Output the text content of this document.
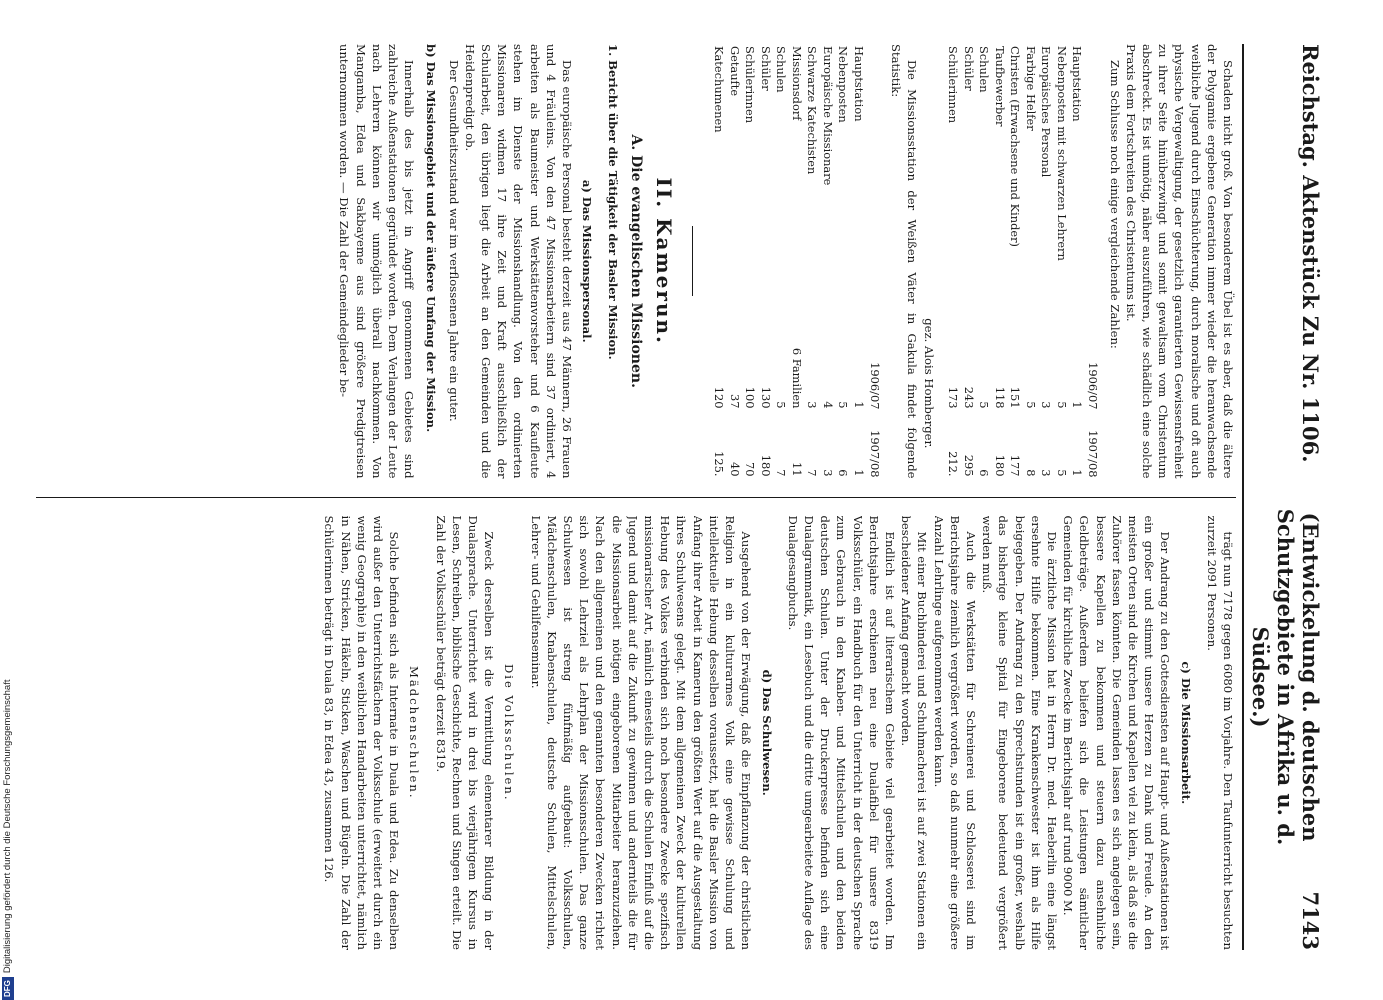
Reichstag. Aktenstück Zu Nr. 1106.
(Entwickelung d. deutschen Schutzgebiete in Afrika u. d. Südsee.)
7143

Schaden nicht groß. Von besonderem Übel ist es aber, daß die ältere der Polygamie ergebene Generation immer wieder die heranwachsende weibliche Jugend durch Einschüchterung, durch moralische und oft auch physische Vergewaltigung, der gesetzlich garantierten Gewissensfreiheit zu ihrer Seite hinüberzwingt und somit gewaltsam vom Christentum abschreckt. Es ist unnötig, näher auszuführen, wie schädlich eine solche Praxis dem Fortschreiten des Christentums ist.

Zum Schlusse noch einige vergleichende Zahlen:

	1906/07	1907/08
Hauptstation	1	1
Nebenposten mit schwarzen Lehrern	5	5
Europäisches Personal	3	3
Farbige Helfer	5	8
Christen (Erwachsene und Kinder)	151	177
Taufbewerber	118	180
Schulen	5	6
Schüler	243	295
Schülerinnen	173	212.

gez. Alois Homberger.

Die Missionsstation der Weißen Väter in Gakula findet folgende Statistik:

	1906/07	1907/08
Hauptstation	1	1
Nebenposten	5	6
Europäische Missionare	4	3
Schwarze Katechisten	3	7
Missionsdorf	6 Familien	11
Schulen	5	7
Schüler	130	180
Schülerinnen	100	70
Getaufte	37	40
Katechumenen	120	125.
II. Kamerun.
A. Die evangelischen Missionen.

1. Bericht über die Tätigkeit der Basler Mission.

a) Das Missionspersonal.

Das europäische Personal besteht derzeit aus 47 Männern, 26 Frauen und 4 Fräuleins. Von den 47 Missionsarbeitern sind 37 ordiniert, 4 arbeiten als Baumeister und Werkstättenvorsteher und 6 Kaufleute stehen im Dienste der Missionshandlung. Von den ordinierten Missionaren widmen 17 ihre Zeit und Kraft ausschließlich der Schularbeit, den übrigen liegt die Arbeit an den Gemeinden und die Heidenpredigt ob.

Der Gesundheitszustand war im verflossenen Jahre ein guter.

b) Das Missionsgebiet und der äußere Umfang der Mission.

Innerhalb des bis jetzt in Angriff genommenen Gebietes sind zahlreiche Außenstationen gegründet worden. Dem Verlangen der Leute nach Lehrern können wir unmöglich überall nachkommen. Von Mangamba, Edea und Sakbayeme aus sind größere Predigtreisen unternommen worden. — Die Zahl der Gemeindeglieder be-

trägt nun 7178 gegen 6080 im Vorjahre. Den Taufunterricht besuchten zurzeit 2091 Personen.

c) Die Missionsarbeit.

Der Andrang zu den Gottesdiensten auf Haupt- und Außenstationen ist ein großer und stimmt unsere Herzen zu Dank und Freude. An den meisten Orten sind die Kirchen und Kapellen viel zu klein, als daß sie die Zuhörer fassen könnten. Die Gemeinden lassen es sich angelegen sein, bessere Kapellen zu bekommen und steuern dazu ansehnliche Geldbeträge. Außerdem beliefen sich die Leistungen sämtlicher Gemeinden für kirchliche Zwecke im Berichtsjahr auf rund 9000 M.

Die ärztliche Mission hat in Herrn Dr. med. Haeberlin eine längst ersehnte Hilfe bekommen. Eine Krankenschwester ist ihm als Hilfe beigegeben. Der Andrang zu den Sprechstunden ist ein großer, weshalb das bisherige kleine Spital für Eingeborene bedeutend vergrößert werden muß.

Auch die Werkstätten für Schreinerei und Schlosserei sind im Berichtsjahre ziemlich vergrößert worden, so daß nunmehr eine größere Anzahl Lehrlinge aufgenommen werden kann.

Mit einer Buchbinderei und Schuhmacherei ist auf zwei Stationen ein bescheidener Anfang gemacht worden.

Endlich ist auf literarischem Gebiete viel gearbeitet worden. Im Berichtsjahre erschienen neu eine Dualafibel für unsere 8319 Volksschüler, ein Handbuch für den Unterricht in der deutschen Sprache zum Gebrauch in den Knaben- und Mittelschulen und den beiden deutschen Schulen. Unter der Druckerpresse befinden sich eine Dualagrammatik, ein Lesebuch und die dritte umgearbeitete Auflage des Dualagesangbuchs.

d) Das Schulwesen.

Ausgehend von der Erwägung, daß die Einpflanzung der christlichen Religion in ein kulturarmes Volk eine gewisse Schulung und intellektuelle Hebung desselben voraussetzt, hat die Basler Mission von Anfang ihrer Arbeit in Kamerun den größten Wert auf die Ausgestaltung ihres Schulwesens gelegt. Mit dem allgemeinen Zweck der kulturellen Hebung des Volkes verbinden sich noch besondere Zwecke spezifisch missionarischer Art, nämlich einesteils durch die Schulen Einfluß auf die Jugend und damit auf die Zukunft zu gewinnen und andernteils die für die Missionsarbeit nötigen eingeborenen Mitarbeiter heranzuziehen. Nach den allgemeinen und den genannten besonderen Zwecken richtet sich sowohl Lehrziel als Lehrplan der Missionsschulen. Das ganze Schulwesen ist streng fünfmäßig aufgebaut: Volksschulen, Mädchenschulen, Knabenschulen, deutsche Schulen, Mittelschulen, Lehrer- und Gehilfenseminar.

Die Volksschulen.

Zweck derselben ist die Vermittlung elementarer Bildung in der Dualasprache. Unterrichtet wird in drei bis vierjährigem Kursus in Lesen, Schreiben, biblische Geschichte, Rechnen und Singen erteilt. Die Zahl der Volksschüler beträgt derzeit 8319.

Mädchenschulen.

Solche befinden sich als Internate in Duala und Edea. Zu denselben wird außer den Unterrichtsfächern der Volksschule (erweitert durch ein wenig Geographie) in den weiblichen Handarbeiten unterrichtet, nämlich in Nähen, Stricken, Häkeln, Sticken, Waschen und Bügeln. Die Zahl der Schülerinnen beträgt in Duala 83, in Edea 43, zusammen 126.

DFG
Digitalisierung gefördert durch die Deutsche Forschungsgemeinschaft
